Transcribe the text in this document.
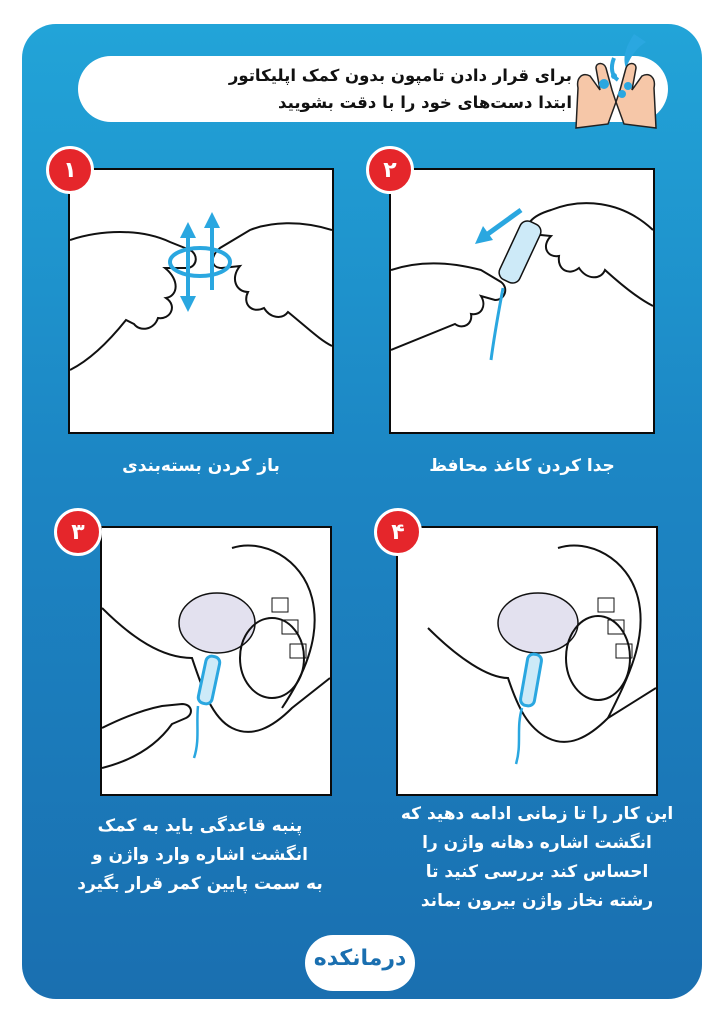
برای قرار دادن تامپون بدون کمک اپلیکاتور
ابتدا دست‌های خود را با دقت بشویید
۱
باز کردن بسته‌بندی
۲
جدا کردن کاغذ محافظ
۳
پنبه قاعدگی باید به کمک
انگشت اشاره وارد واژن و
به سمت پایین کمر قرار بگیرد
۴
این کار را تا زمانی ادامه دهید که
انگشت اشاره دهانه واژن را
احساس کند بررسی کنید تا
رشته نخاز واژن بیرون بماند
درمانکده
